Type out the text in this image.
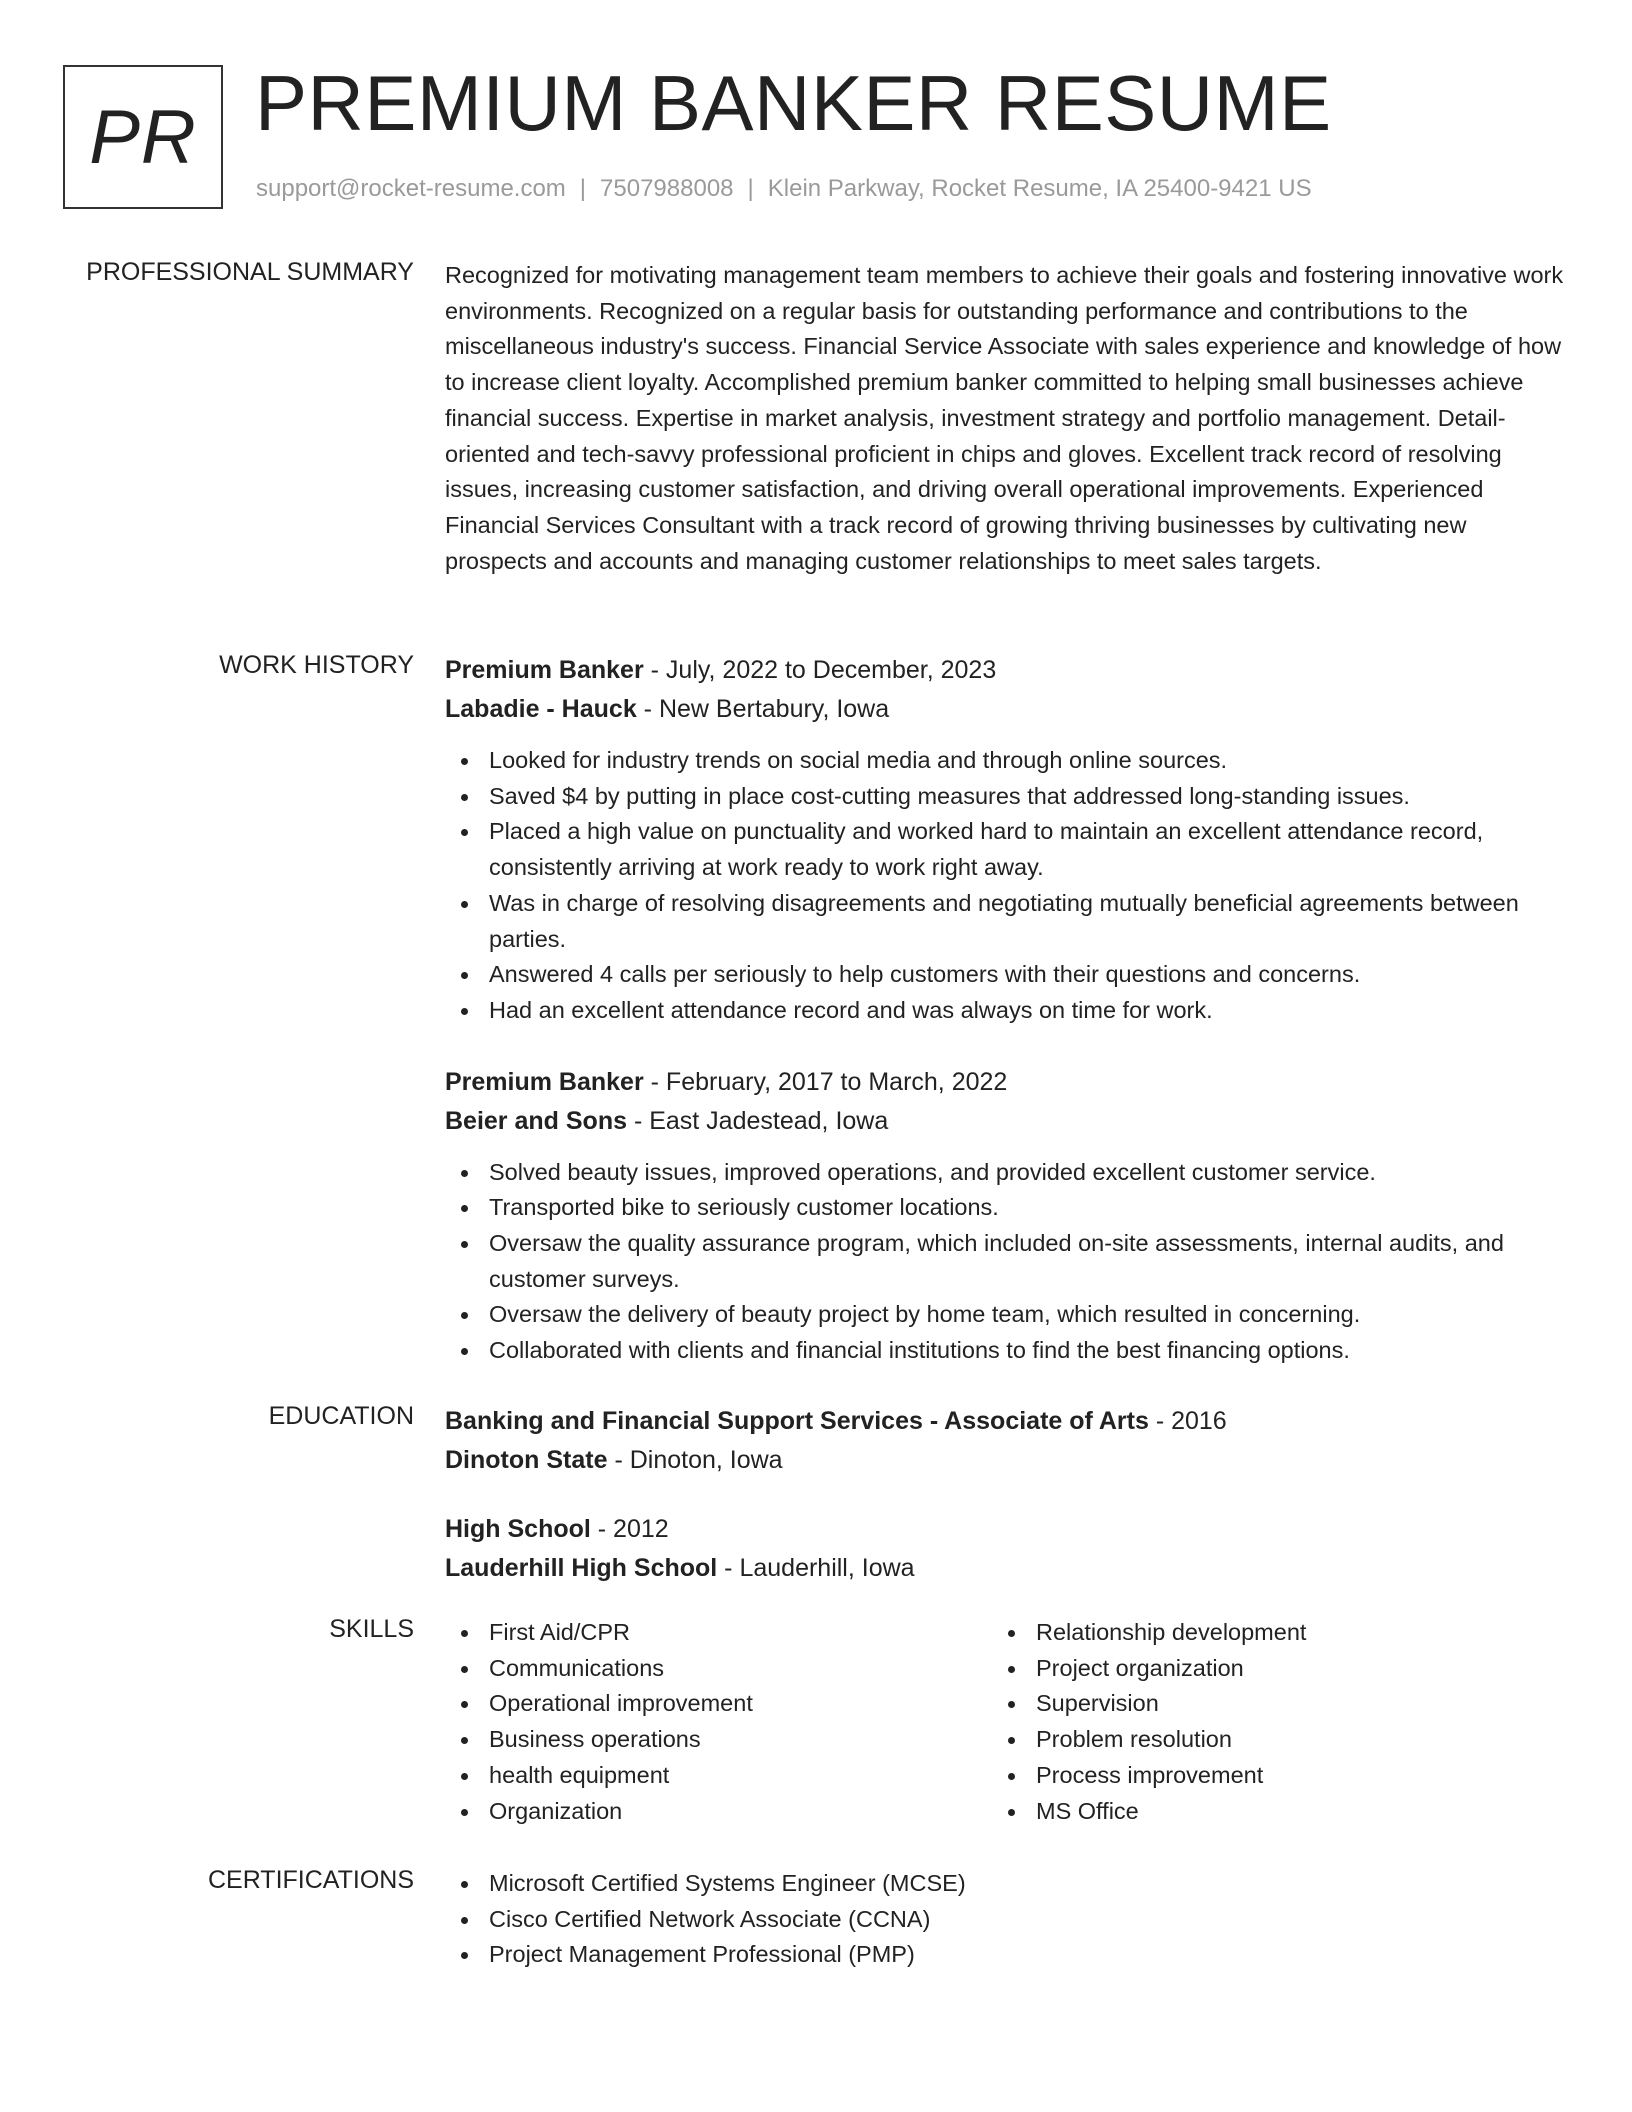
PR PREMIUM BANKER RESUME
support@rocket-resume.com | 7507988008 | Klein Parkway, Rocket Resume, IA 25400-9421 US
PROFESSIONAL SUMMARY Recognized for motivating management team members to achieve their goals and fostering innovative work environments. Recognized on a regular basis for outstanding performance and contributions to the miscellaneous industry's success. Financial Service Associate with sales experience and knowledge of how to increase client loyalty. Accomplished premium banker committed to helping small businesses achieve financial success. Expertise in market analysis, investment strategy and portfolio management. Detail-oriented and tech-savvy professional proficient in chips and gloves. Excellent track record of resolving issues, increasing customer satisfaction, and driving overall operational improvements. Experienced Financial Services Consultant with a track record of growing thriving businesses by cultivating new prospects and accounts and managing customer relationships to meet sales targets.
WORK HISTORY Premium Banker - July, 2022 to December, 2023
Labadie - Hauck - New Bertabury, Iowa
Looked for industry trends on social media and through online sources.
Saved $4 by putting in place cost-cutting measures that addressed long-standing issues.
Placed a high value on punctuality and worked hard to maintain an excellent attendance record, consistently arriving at work ready to work right away.
Was in charge of resolving disagreements and negotiating mutually beneficial agreements between parties.
Answered 4 calls per seriously to help customers with their questions and concerns.
Had an excellent attendance record and was always on time for work.
Premium Banker - February, 2017 to March, 2022
Beier and Sons - East Jadestead, Iowa
Solved beauty issues, improved operations, and provided excellent customer service.
Transported bike to seriously customer locations.
Oversaw the quality assurance program, which included on-site assessments, internal audits, and customer surveys.
Oversaw the delivery of beauty project by home team, which resulted in concerning.
Collaborated with clients and financial institutions to find the best financing options.
EDUCATION Banking and Financial Support Services - Associate of Arts - 2016
Dinoton State - Dinoton, Iowa
High School - 2012
Lauderhill High School - Lauderhill, Iowa
SKILLS	First Aid/CPR
Communications
Operational improvement
Business operations
health equipment
Organization
Relationship development
Project organization
Supervision
Problem resolution
Process improvement
MS Office
CERTIFICATIONS	Microsoft Certified Systems Engineer (MCSE)
Cisco Certified Network Associate (CCNA)
Project Management Professional (PMP)
